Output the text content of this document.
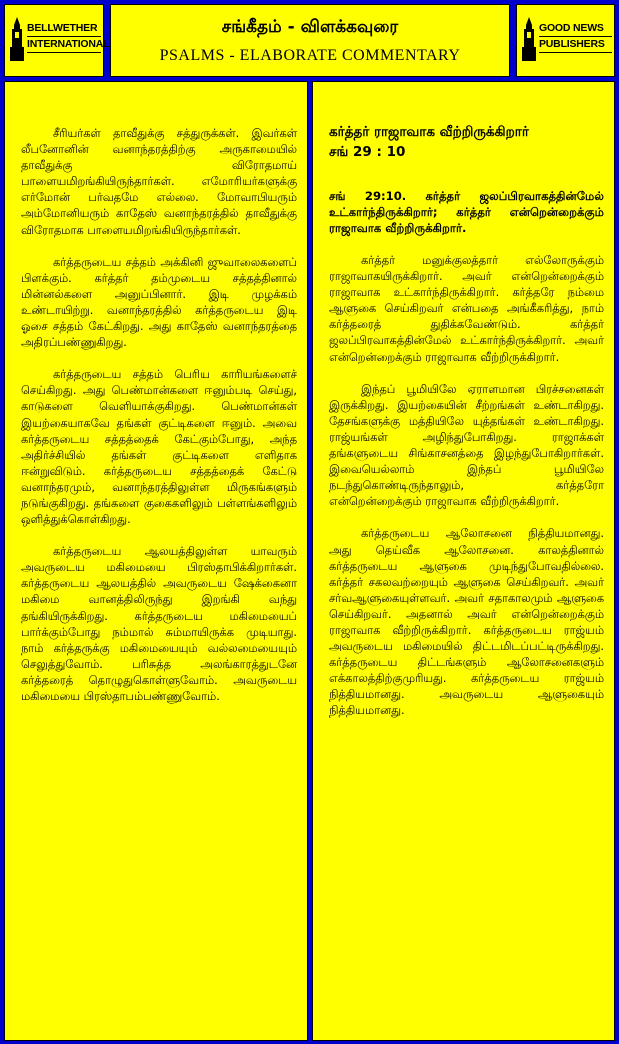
BELLWETHER
INTERNATIONAL
சங்கீதம் - விளக்கவுரை
PSALMS - ELABORATE COMMENTARY
GOOD NEWS
PUBLISHERS

சீரியர்கள் தாவீதுக்கு சத்துருக்கள். இவர்கள் லீபனோனின் வனாந்தரத்திற்கு அருகாமையில் தாவீதுக்கு விரோதமாய் பாளையமிறங்கியிருந்தார்கள். எமோரியர்களுக்கு எர்மோன் பர்வதமே எல்லை. மோவாபியரும் அம்மோனியரும் காதேஸ் வனாந்தரத்தில் தாவீதுக்கு விரோதமாக பாளையமிறங்கியிருந்தார்கள்.

கர்த்தருடைய சத்தம் அக்கினி ஜுவாலைகளைப் பிளக்கும். கர்த்தர் தம்முடைய சத்தத்தினால் மின்னல்களை அனுப்பினார். இடி முழக்கம் உண்டாயிற்று. வனாந்தரத்தில் கர்த்தருடைய இடி ஓசை சத்தம் கேட்கிறது. அது காதேஸ் வனாந்தரத்தை அதிரப்பண்ணுகிறது.

கர்த்தருடைய சத்தம் பெரிய காரியங்களைச் செய்கிறது. அது பெண்மான்களை ஈனும்படி செய்து, காடுகளை வெளியாக்குகிறது. பெண்மான்கள் இயற்கையாகவே தங்கள் குட்டிகளை ஈனும். அவை கர்த்தருடைய சத்தத்தைக் கேட்கும்போது, அந்த அதிர்ச்சியில் தங்கள் குட்டிகளை எளிதாக ஈன்றுவிடும். கர்த்தருடைய சத்தத்தைக் கேட்டு வனாந்தரமும், வனாந்தரத்திலுள்ள மிருகங்களும் நடுங்குகிறது. தங்களை குகைகளிலும் பள்ளங்களிலும் ஒளித்துக்கொள்கிறது.

கர்த்தருடைய ஆலயத்திலுள்ள யாவரும் அவருடைய மகிமையை பிரஸ்தாபிக்கிறார்கள். கர்த்தருடைய ஆலயத்தில் அவருடைய ஷேக்கைனா மகிமை வானத்திலிருந்து இறங்கி வந்து தங்கியிருக்கிறது. கர்த்தருடைய மகிமையைப் பார்க்கும்போது நம்மால் சும்மாயிருக்க முடியாது. நாம் கர்த்தருக்கு மகிமையையும் வல்லமையையும் செலுத்துவோம். பரிசுத்த அலங்காரத்துடனே கர்த்தரைத் தொழுதுகொள்ளுவோம். அவருடைய மகிமையை பிரஸ்தாபம்பண்ணுவோம்.

கர்த்தர் ராஜாவாக வீற்றிருக்கிறார்
சங் 29 : 10

சங் 29:10. கர்த்தர் ஜலப்பிரவாகத்தின்மேல் உட்கார்ந்திருக்கிறார்; கர்த்தர் என்றென்றைக்கும் ராஜாவாக வீற்றிருக்கிறார்.

கர்த்தர் மனுக்குலத்தார் எல்லோருக்கும் ராஜாவாகயிருக்கிறார். அவர் என்றென்றைக்கும் ராஜாவாக உட்கார்ந்திருக்கிறார். கர்த்தரே நம்மை ஆளுகை செய்கிறவர் என்பதை அங்கீகரித்து, நாம் கர்த்தரைத் துதிக்கவேண்டும். கர்த்தர் ஜலப்பிரவாகத்தின்மேல் உட்கார்ந்திருக்கிறார். அவர் என்றென்றைக்கும் ராஜாவாக வீற்றிருக்கிறார்.

இந்தப் பூமியிலே ஏராளமான பிரச்சனைகள் இருக்கிறது. இயற்கையின் சீற்றங்கள் உண்டாகிறது. தேசங்களுக்கு மத்தியிலே யுத்தங்கள் உண்டாகிறது. ராஜ்யங்கள் அழிந்துபோகிறது. ராஜாக்கள் தங்களுடைய சிங்காசனத்தை இழந்துபோகிறார்கள். இவையெல்லாம் இந்தப் பூமியிலே நடந்துகொண்டிருந்தாலும், கர்த்தரோ என்றென்றைக்கும் ராஜாவாக வீற்றிருக்கிறார்.

கர்த்தருடைய ஆலோசனை நித்தியமானது. அது தெய்வீக ஆலோசனை. காலத்தினால் கர்த்தருடைய ஆளுகை முடிந்துபோவதில்லை. கர்த்தர் சகலவற்றையும் ஆளுகை செய்கிறவர். அவர் சர்வஆளுகையுள்ளவர். அவர் சதாகாலமும் ஆளுகை செய்கிறவர். அதனால் அவர் என்றென்றைக்கும் ராஜாவாக வீற்றிருக்கிறார். கர்த்தருடைய ராஜ்யம் அவருடைய மகிமையில் திட்டமிடப்பட்டிருக்கிறது. கர்த்தருடைய திட்டங்களும் ஆலோசனைகளும் எக்காலத்திற்குமுரியது. கர்த்தருடைய ராஜ்யம் நித்தியமானது. அவருடைய ஆளுகையும் நித்தியமானது.
